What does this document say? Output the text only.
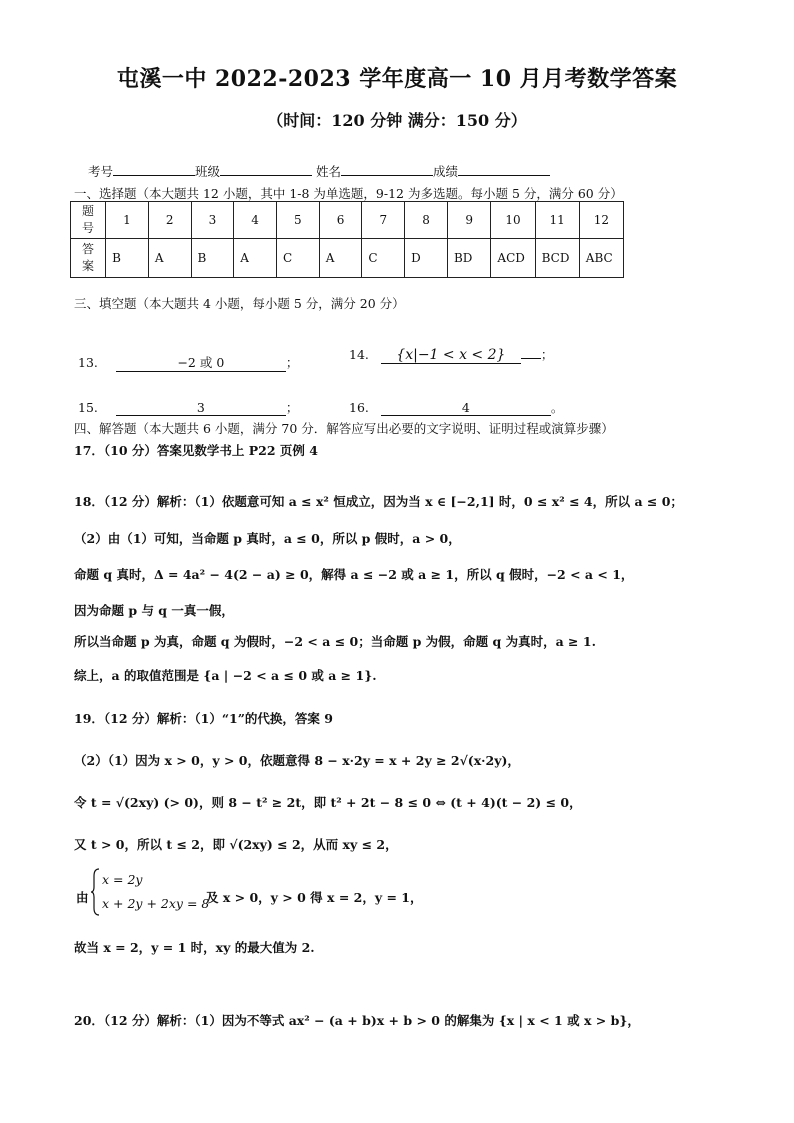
屯溪一中 2022-2023 学年度高一 10 月月考数学答案
（时间：120 分钟 满分：150 分）
考号	班级	姓名	成绩
一、选择题（本大题共 12 小题，其中 1-8 为单选题，9-12 为多选题。每小题 5 分，满分 60 分）
题
号	1	2	3	4	5	6	7	8	9	10	11	12

答
案	B	A	B	A	C	A	C	D	BD	ACD	BCD	ABC
三、填空题（本大题共 4 小题，每小题 5 分，满分 20 分）
13.	−2 或 0	；
14. {x|−1 < x < 2}	；
15.	3	；	16.	4	。
四、解答题（本大题共 6 小题，满分 70 分．解答应写出必要的文字说明、证明过程或演算步骤）
17．（10 分）答案见数学书上 P22 页例 4
18．（12 分）解析：（1）依题意可知 a ≤ x² 恒成立，因为当 x ∈ [−2,1] 时，0 ≤ x² ≤ 4，所以 a ≤ 0；
（2）由（1）可知，当命题 p 真时，a ≤ 0，所以 p 假时，a > 0，
命题 q 真时，Δ = 4a² − 4(2 − a) ≥ 0，解得 a ≤ −2 或 a ≥ 1，所以 q 假时，−2 < a < 1，
因为命题 p 与 q 一真一假，
所以当命题 p 为真，命题 q 为假时，−2 < a ≤ 0；当命题 p 为假，命题 q 为真时，a ≥ 1.
综上，a 的取值范围是 {a | −2 < a ≤ 0 或 a ≥ 1}.
19．（12 分）解析：（1）“1”的代换，答案 9
（2）（1）因为 x > 0，y > 0，依题意得 8 − x·2y = x + 2y ≥ 2√(x·2y)，
令 t = √(2xy) (> 0)，则 8 − t² ≥ 2t，即 t² + 2t − 8 ≤ 0 ⇔ (t + 4)(t − 2) ≤ 0，
又 t > 0，所以 t ≤ 2，即 √(2xy) ≤ 2，从而 xy ≤ 2，
由
x = 2y
x + 2y + 2xy = 8
及 x > 0，y > 0 得 x = 2，y = 1，
故当 x = 2，y = 1 时，xy 的最大值为 2.
20．（12 分）解析：（1）因为不等式 ax² − (a + b)x + b > 0 的解集为 {x | x < 1 或 x > b}，
